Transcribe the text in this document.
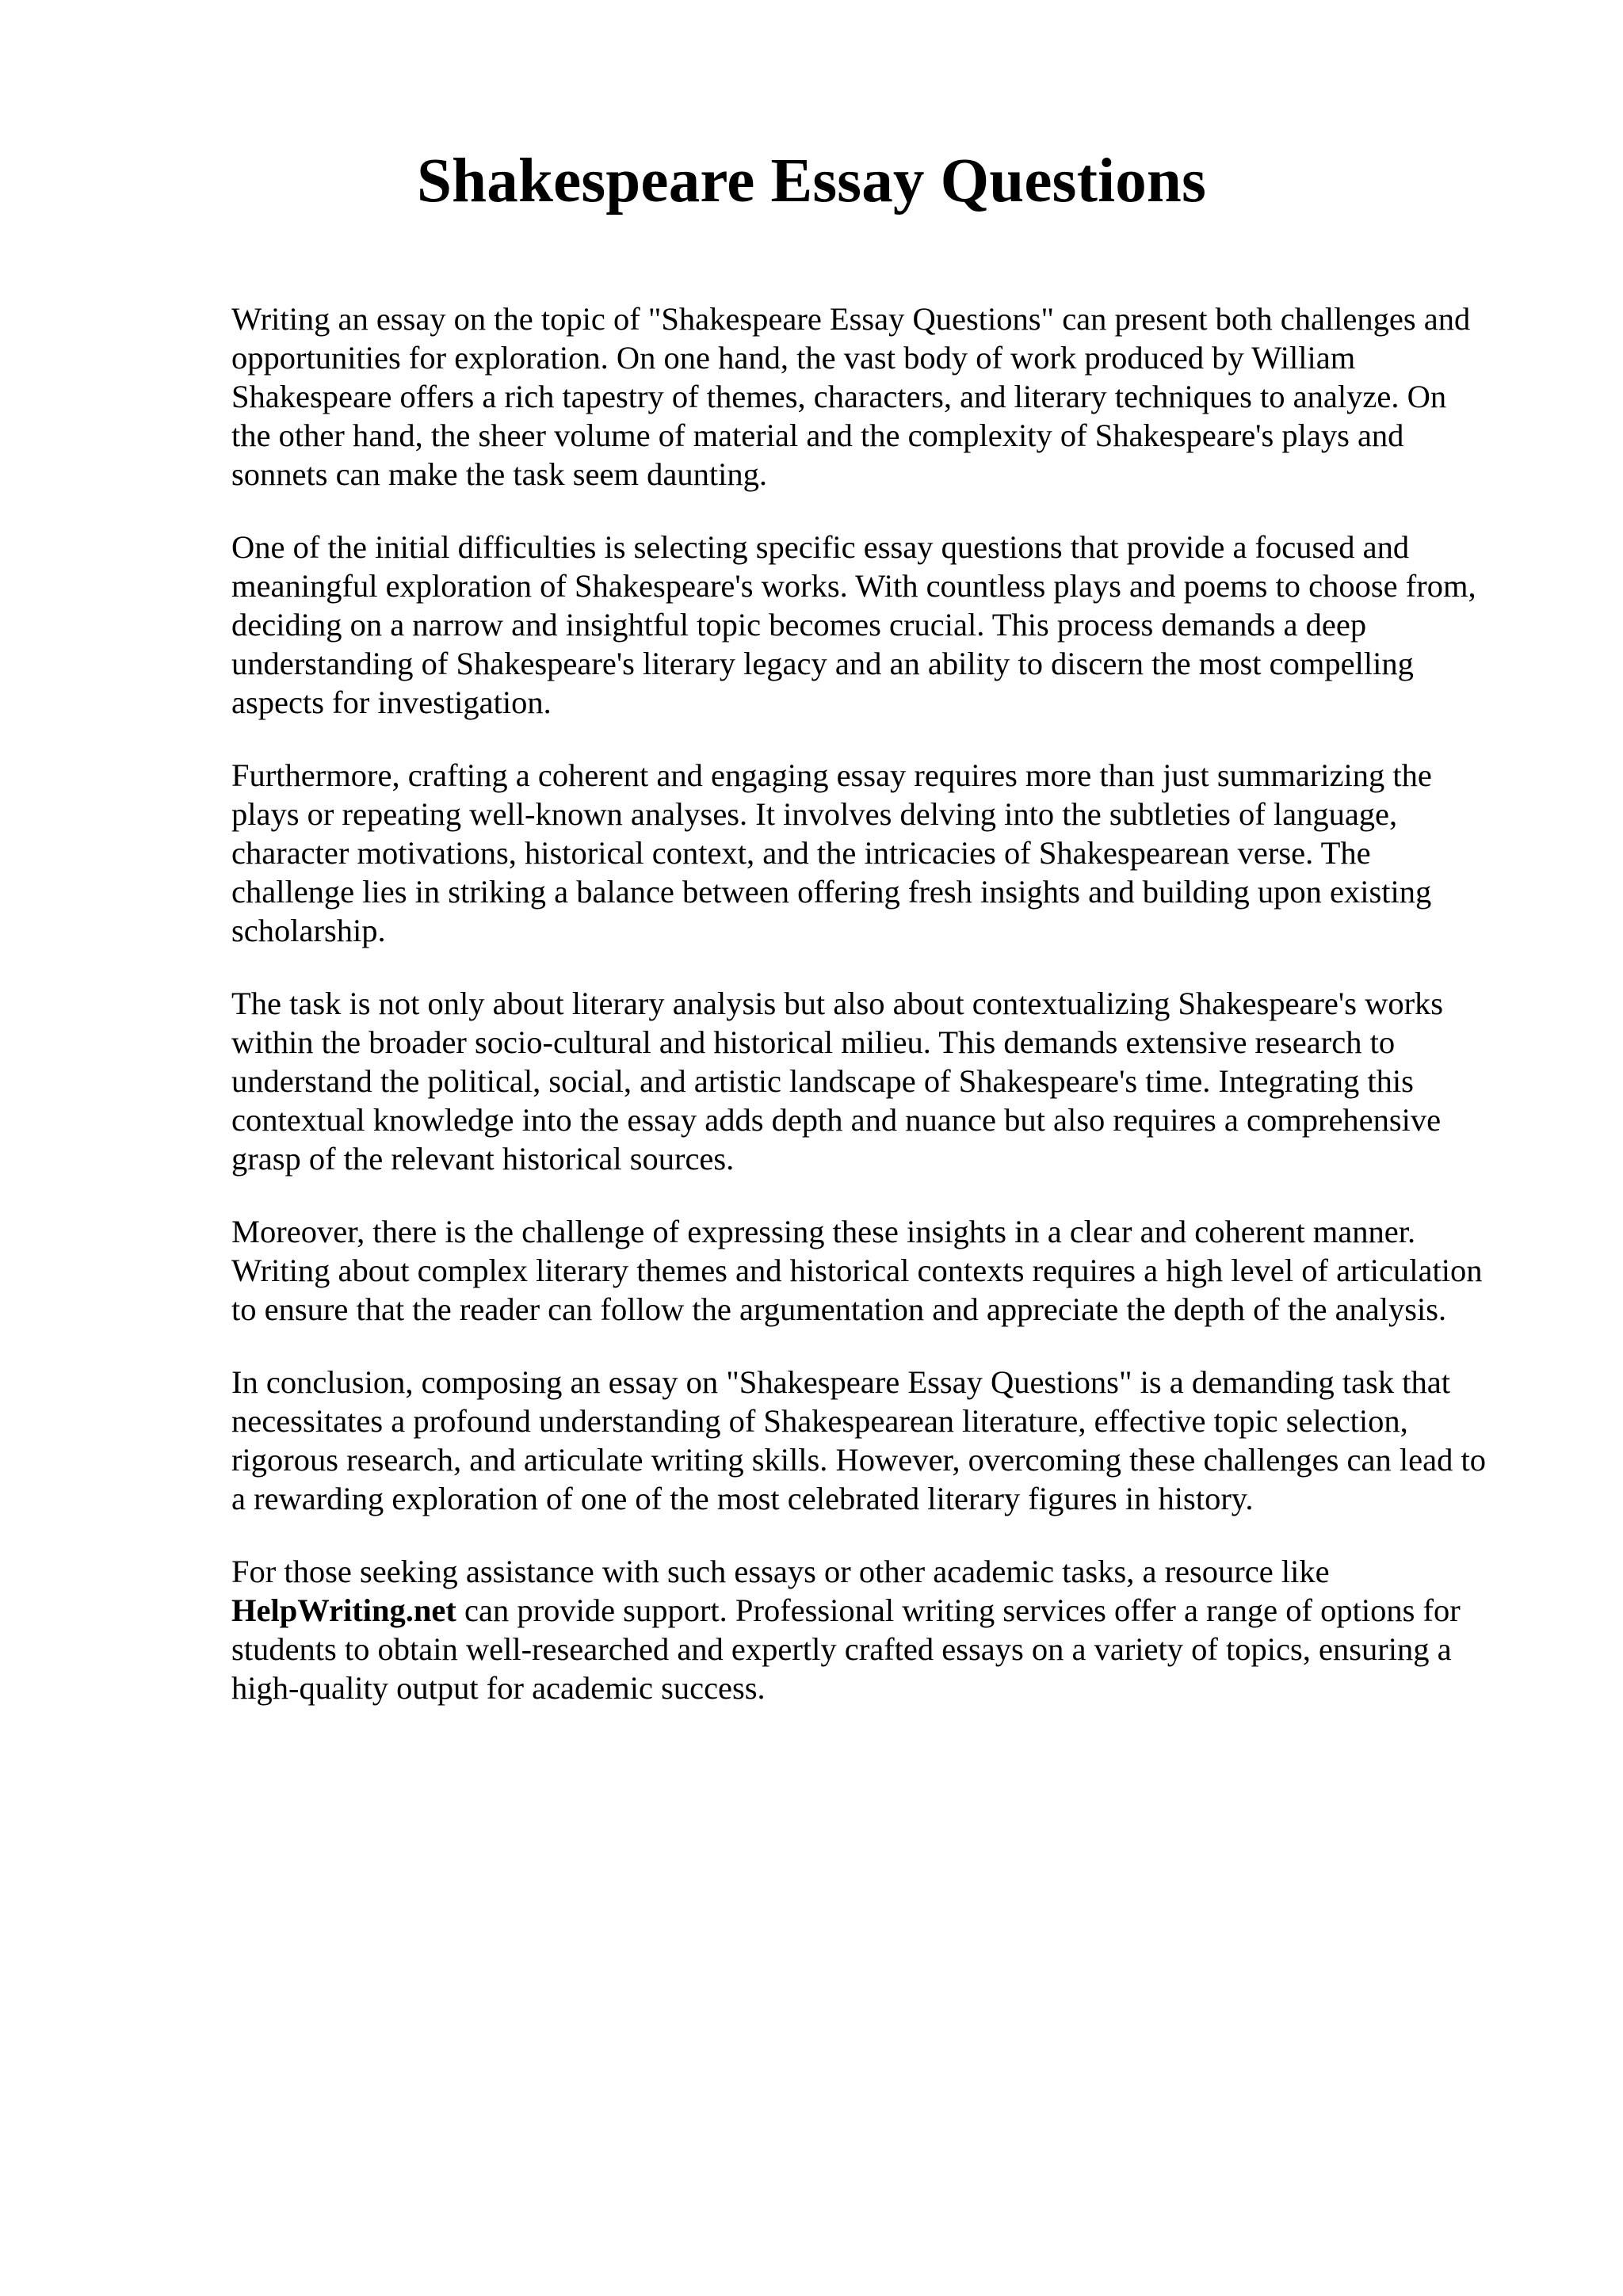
Shakespeare Essay Questions

Writing an essay on the topic of "Shakespeare Essay Questions" can present both challenges and
opportunities for exploration. On one hand, the vast body of work produced by William
Shakespeare offers a rich tapestry of themes, characters, and literary techniques to analyze. On
the other hand, the sheer volume of material and the complexity of Shakespeare's plays and
sonnets can make the task seem daunting.

One of the initial difficulties is selecting specific essay questions that provide a focused and
meaningful exploration of Shakespeare's works. With countless plays and poems to choose from,
deciding on a narrow and insightful topic becomes crucial. This process demands a deep
understanding of Shakespeare's literary legacy and an ability to discern the most compelling
aspects for investigation.

Furthermore, crafting a coherent and engaging essay requires more than just summarizing the
plays or repeating well-known analyses. It involves delving into the subtleties of language,
character motivations, historical context, and the intricacies of Shakespearean verse. The
challenge lies in striking a balance between offering fresh insights and building upon existing
scholarship.

The task is not only about literary analysis but also about contextualizing Shakespeare's works
within the broader socio-cultural and historical milieu. This demands extensive research to
understand the political, social, and artistic landscape of Shakespeare's time. Integrating this
contextual knowledge into the essay adds depth and nuance but also requires a comprehensive
grasp of the relevant historical sources.

Moreover, there is the challenge of expressing these insights in a clear and coherent manner.
Writing about complex literary themes and historical contexts requires a high level of articulation
to ensure that the reader can follow the argumentation and appreciate the depth of the analysis.

In conclusion, composing an essay on "Shakespeare Essay Questions" is a demanding task that
necessitates a profound understanding of Shakespearean literature, effective topic selection,
rigorous research, and articulate writing skills. However, overcoming these challenges can lead to
a rewarding exploration of one of the most celebrated literary figures in history.

For those seeking assistance with such essays or other academic tasks, a resource like
HelpWriting.net can provide support. Professional writing services offer a range of options for
students to obtain well-researched and expertly crafted essays on a variety of topics, ensuring a
high-quality output for academic success.
